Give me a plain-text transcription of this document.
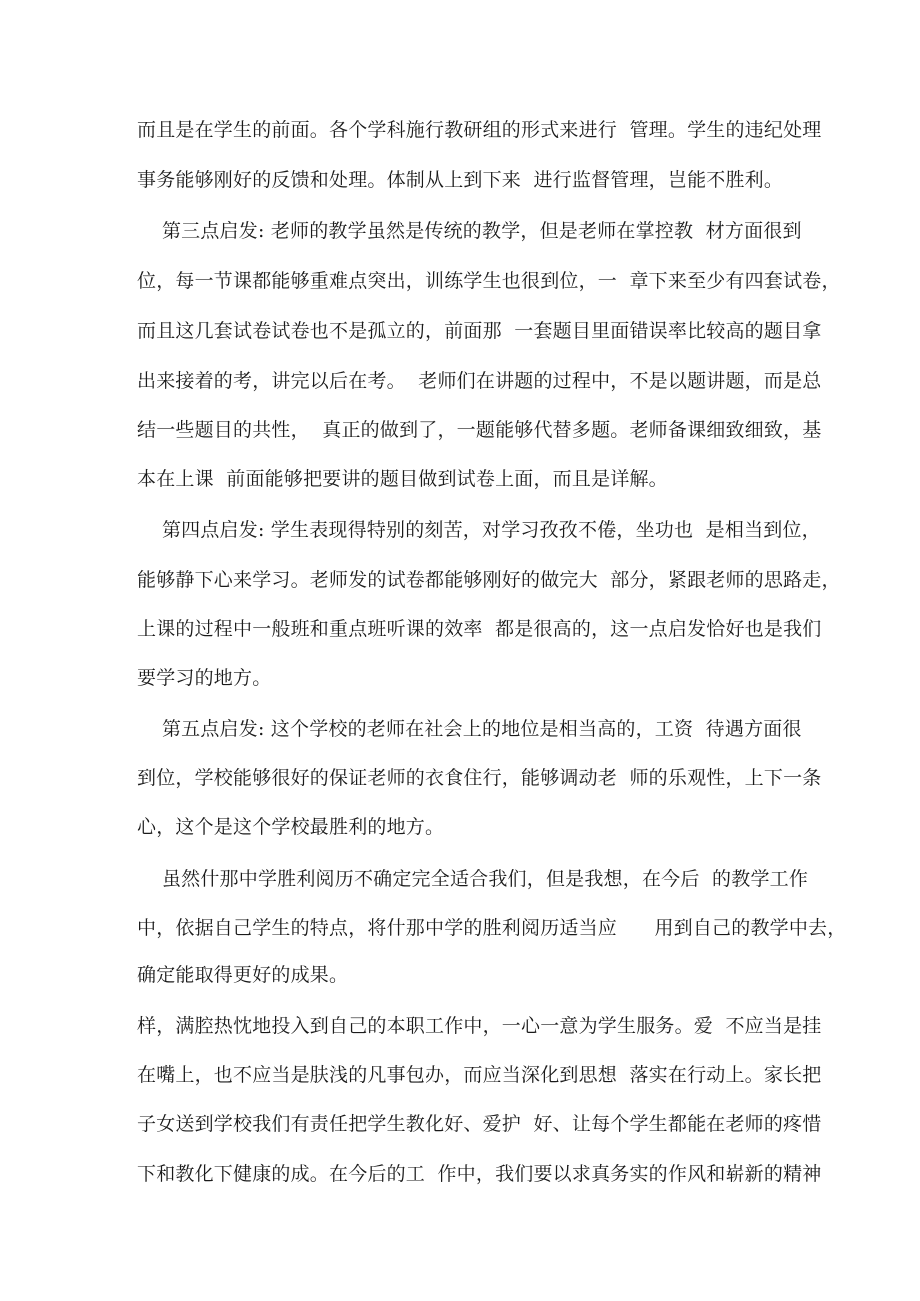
而且是在学生的前面。各个学科施行教研组的形式来进行  管理。学生的违纪处理
事务能够刚好的反馈和处理。体制从上到下来  进行监督管理，岂能不胜利。
第三点启发: 老师的教学虽然是传统的教学，但是老师在掌控教  材方面很到
位，每一节课都能够重难点突出，训练学生也很到位，一  章下来至少有四套试卷，
而且这几套试卷试卷也不是孤立的，前面那  一套题目里面错误率比较高的题目拿
出来接着的考，讲完以后在考。  老师们在讲题的过程中，不是以题讲题，而是总
结一些题目的共性，  真正的做到了，一题能够代替多题。老师备课细致细致，基
本在上课  前面能够把要讲的题目做到试卷上面，而且是详解。
第四点启发: 学生表现得特别的刻苦，对学习孜孜不倦，坐功也  是相当到位，
能够静下心来学习。老师发的试卷都能够刚好的做完大  部分，紧跟老师的思路走，
上课的过程中一般班和重点班听课的效率  都是很高的，这一点启发恰好也是我们
要学习的地方。
第五点启发: 这个学校的老师在社会上的地位是相当高的，工资  待遇方面很
到位，学校能够很好的保证老师的衣食住行，能够调动老  师的乐观性，上下一条
心，这个是这个学校最胜利的地方。
虽然什那中学胜利阅历不确定完全适合我们，但是我想，在今后  的教学工作
中，依据自己学生的特点，将什那中学的胜利阅历适当应      用到自己的教学中去，
确定能取得更好的成果。
样，满腔热忱地投入到自己的本职工作中，一心一意为学生服务。爱  不应当是挂
在嘴上，也不应当是肤浅的凡事包办，而应当深化到思想  落实在行动上。家长把
子女送到学校我们有责任把学生教化好、爱护  好、让每个学生都能在老师的疼惜
下和教化下健康的成。在今后的工  作中，我们要以求真务实的作风和崭新的精神
